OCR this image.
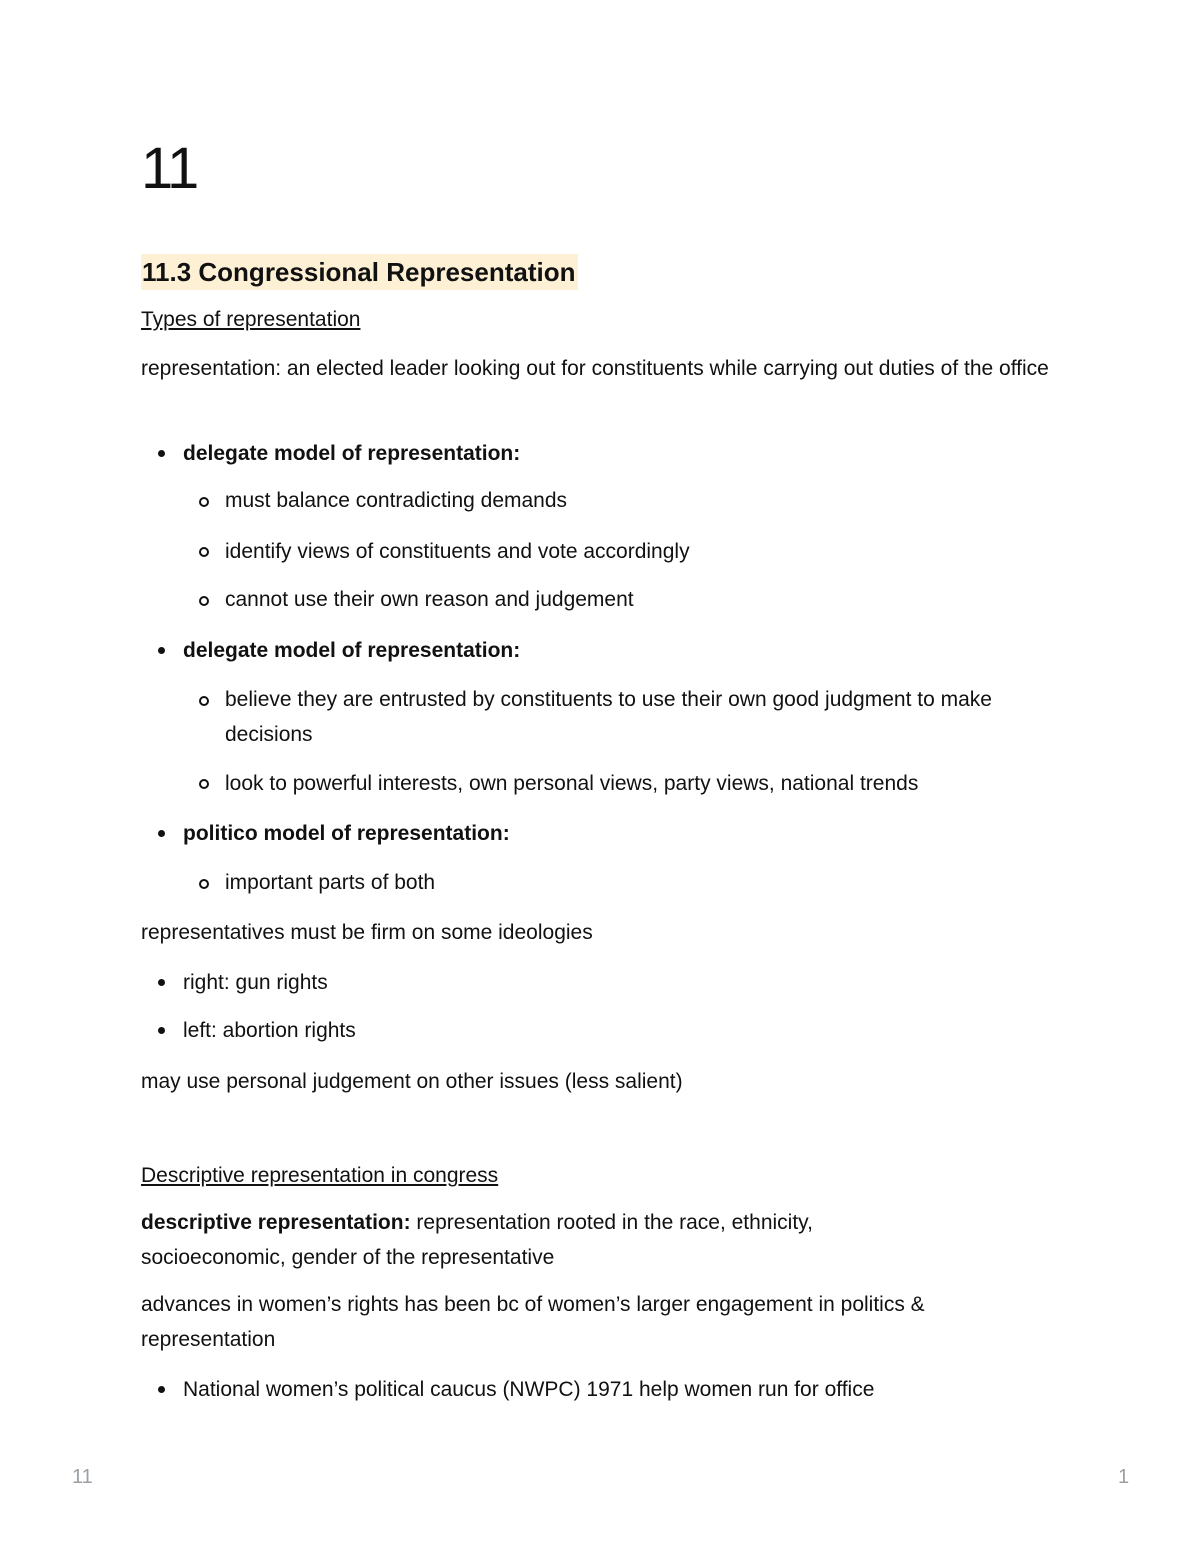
11
11.3 Congressional Representation
Types of representation
representation: an elected leader looking out for constituents while carrying out duties of the office
delegate model of representation:
must balance contradicting demands
identify views of constituents and vote accordingly
cannot use their own reason and judgement
delegate model of representation:
believe they are entrusted by constituents to use their own good judgment to make decisions
look to powerful interests, own personal views, party views, national trends
politico model of representation:
important parts of both
representatives must be firm on some ideologies
right: gun rights
left: abortion rights
may use personal judgement on other issues (less salient)
Descriptive representation in congress
descriptive representation: representation rooted in the race, ethnicity, socioeconomic, gender of the representative
advances in women’s rights has been bc of women’s larger engagement in politics & representation
National women’s political caucus (NWPC) 1971 help women run for office
11	1
